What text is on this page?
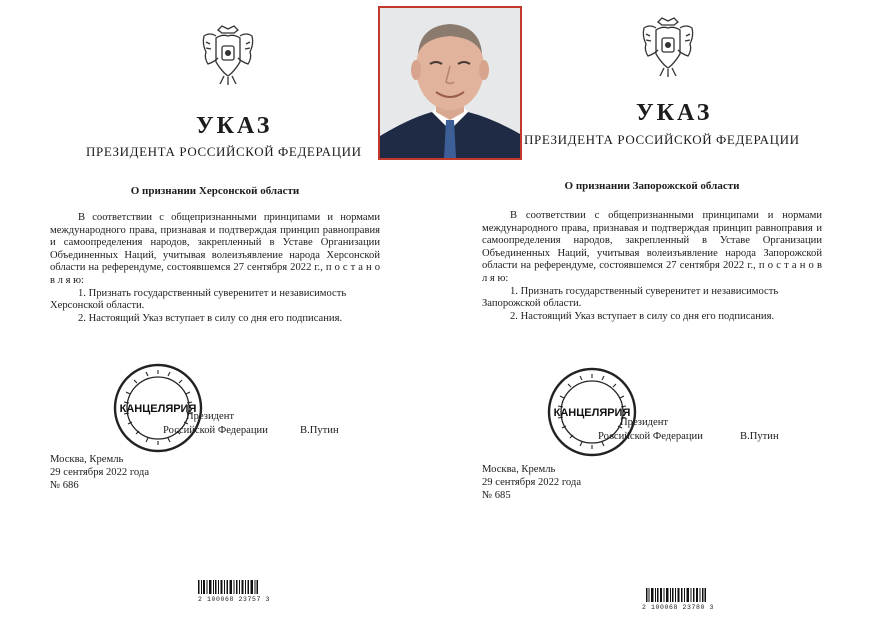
УКАЗ
ПРЕЗИДЕНТА РОССИЙСКОЙ ФЕДЕРАЦИИ
О признании Херсонской области

В соответствии с общепризнанными принципами и нормами международного права, признавая и подтверждая принцип равноправия и самоопределения народов, закрепленный в Уставе Организации Объединенных Наций, учитывая волеизъявление народа Херсонской области на референдуме, состоявшемся 27 сентября 2022 г., п о с т а н о в л я ю:

1. Признать государственный суверенитет и независимость Херсонской области.

2. Настоящий Указ вступает в силу со дня его подписания.

КАНЦЕЛЯРИЯ
Президент
Российской Федерации	В.Путин
Москва, Кремль
29 сентября 2022 года
№ 686
2 100068 23757 3
УКАЗ
ПРЕЗИДЕНТА РОССИЙСКОЙ ФЕДЕРАЦИИ
О признании Запорожской области

В соответствии с общепризнанными принципами и нормами международного права, признавая и подтверждая принцип равноправия и самоопределения народов, закрепленный в Уставе Организации Объединенных Наций, учитывая волеизъявление народа Запорожской области на референдуме, состоявшемся 27 сентября 2022 г., п о с т а н о в л я ю:

1. Признать государственный суверенитет и независимость Запорожской области.

2. Настоящий Указ вступает в силу со дня его подписания.

КАНЦЕЛЯРИЯ
Президент
Российской Федерации	В.Путин
Москва, Кремль
29 сентября 2022 года
№ 685
2 100068 23780 3
